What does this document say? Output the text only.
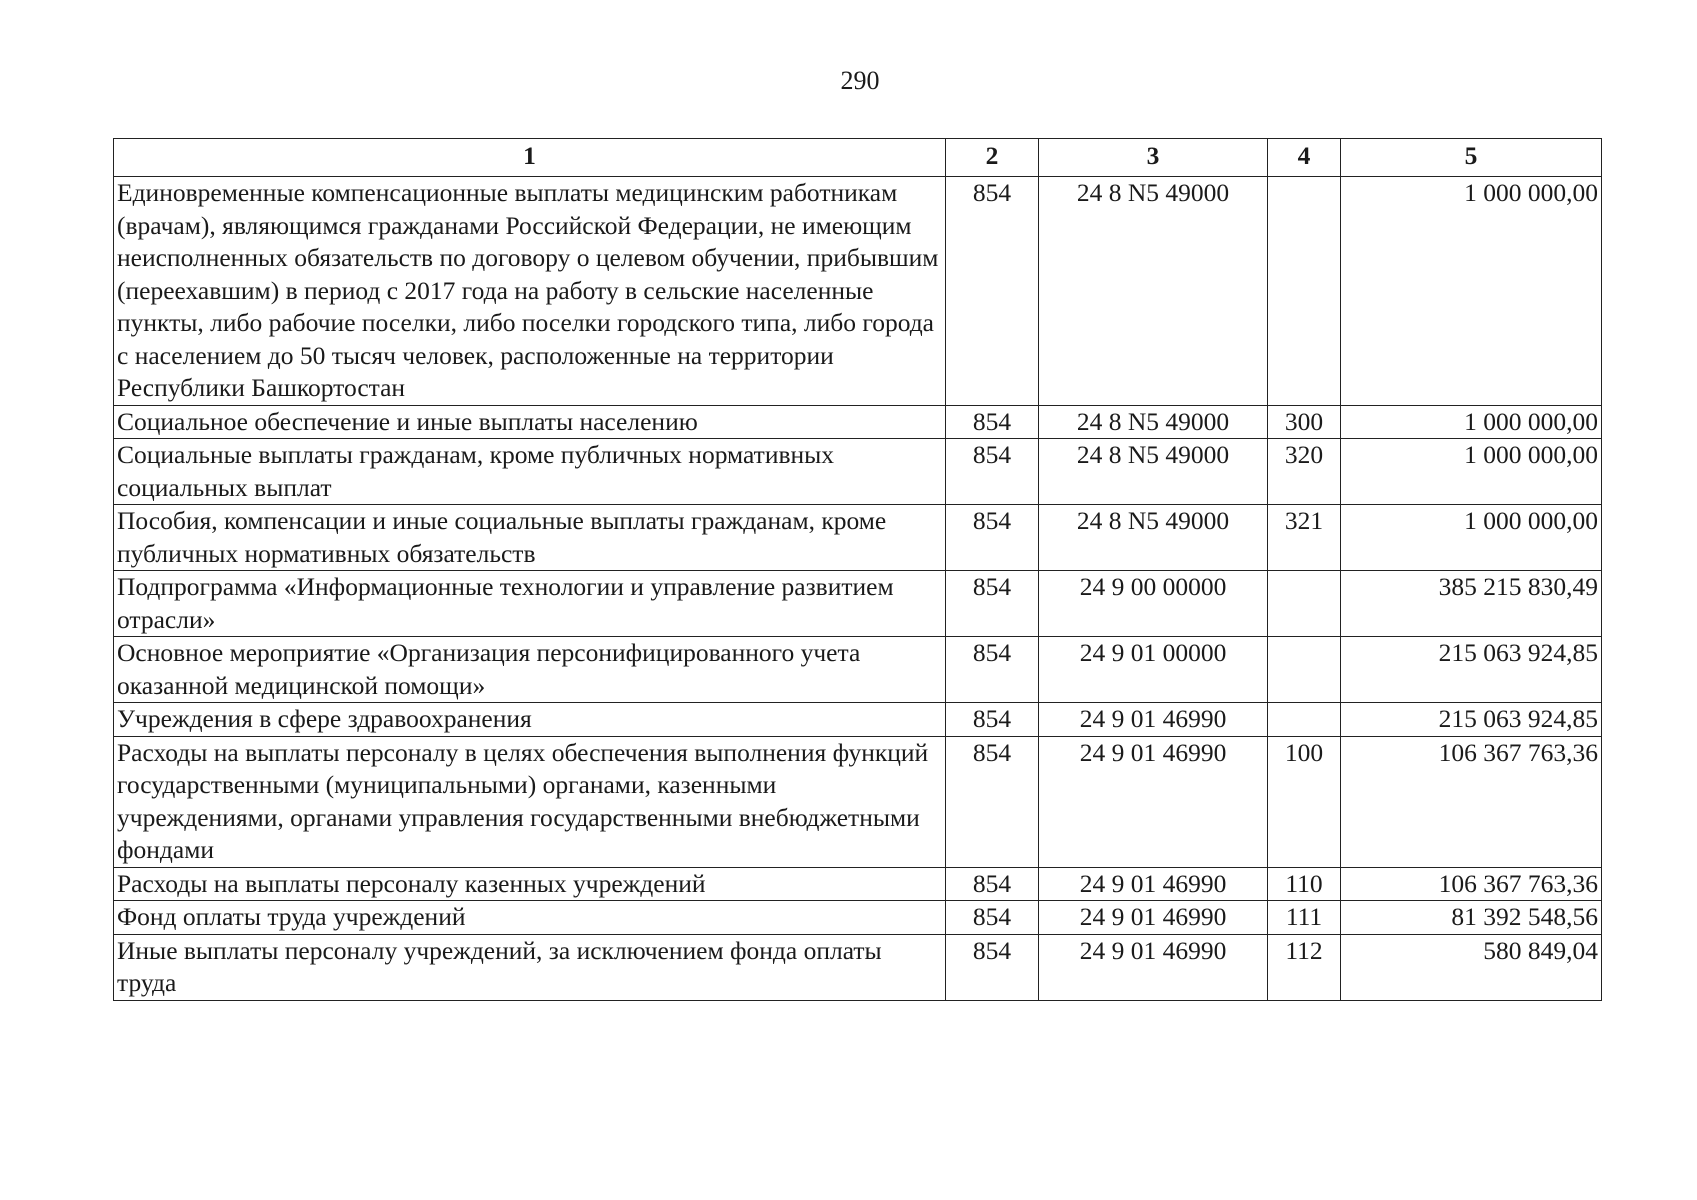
290
1	2	3	4	5
Единовременные компенсационные выплаты медицинским работникам (врачам), являющимся гражданами Российской Федерации, не имеющим неисполненных обязательств по договору о целевом обучении, прибывшим (переехавшим) в период с 2017 года на работу в сельские населенные пункты, либо рабочие поселки, либо поселки городского типа, либо города с населением до 50 тысяч человек, расположенные на территории Республики Башкортостан	854	24 8 N5 49000		1 000 000,00
Социальное обеспечение и иные выплаты населению	854	24 8 N5 49000	300	1 000 000,00
Социальные выплаты гражданам, кроме публичных нормативных социальных выплат	854	24 8 N5 49000	320	1 000 000,00
Пособия, компенсации и иные социальные выплаты гражданам, кроме публичных нормативных обязательств	854	24 8 N5 49000	321	1 000 000,00
Подпрограмма «Информационные технологии и управление развитием отрасли»	854	24 9 00 00000		385 215 830,49
Основное мероприятие «Организация персонифицированного учета оказанной медицинской помощи»	854	24 9 01 00000		215 063 924,85
Учреждения в сфере здравоохранения	854	24 9 01 46990		215 063 924,85
Расходы на выплаты персоналу в целях обеспечения выполнения функций государственными (муниципальными) органами, казенными учреждениями, органами управления государственными внебюджетными фондами	854	24 9 01 46990	100	106 367 763,36
Расходы на выплаты персоналу казенных учреждений	854	24 9 01 46990	110	106 367 763,36
Фонд оплаты труда учреждений	854	24 9 01 46990	111	81 392 548,56
Иные выплаты персоналу учреждений, за исключением фонда оплаты труда	854	24 9 01 46990	112	580 849,04
